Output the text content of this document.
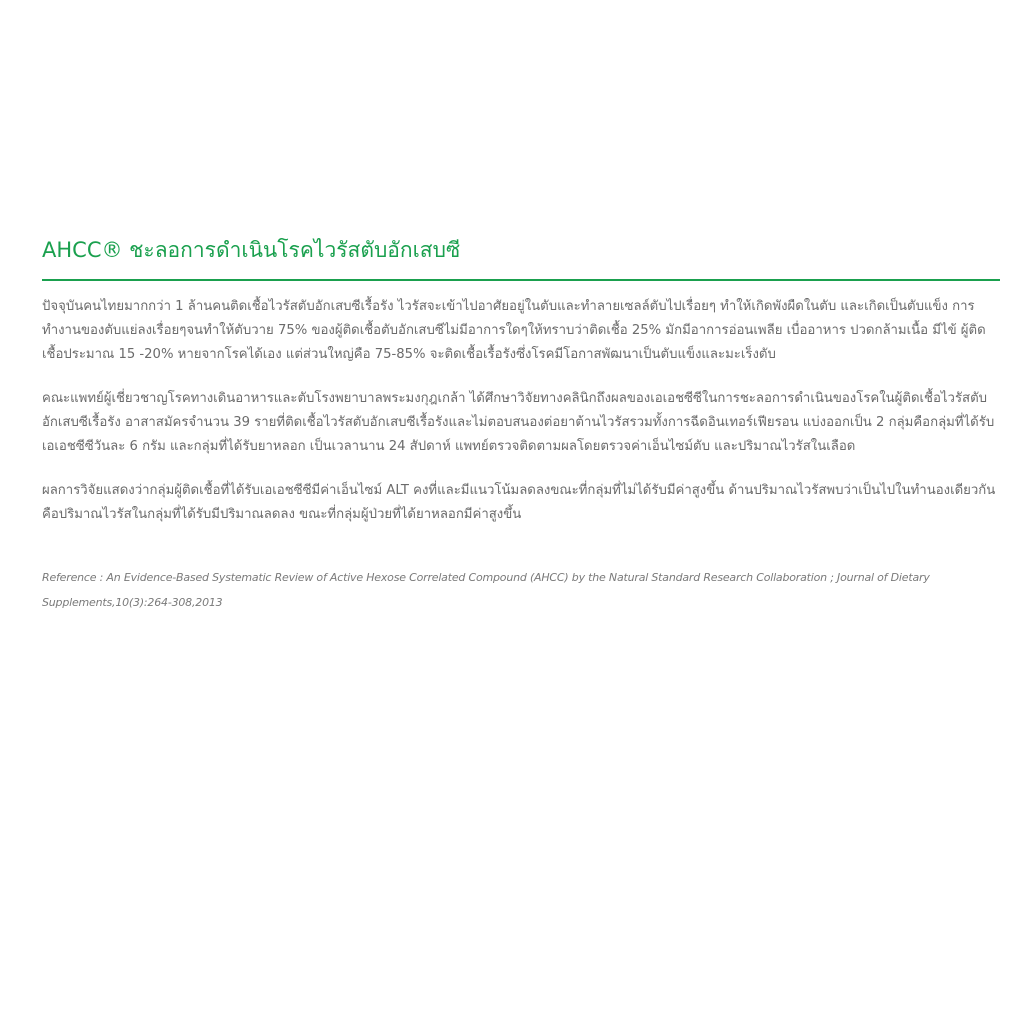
AHCC® ชะลอการดำเนินโรคไวรัสตับอักเสบซี

ปัจจุบันคนไทยมากกว่า 1 ล้านคนติดเชื้อไวรัสตับอักเสบซีเรื้อรัง ไวรัสจะเข้าไปอาศัยอยู่ในตับและทำลายเซลล์ตับไปเรื่อยๆ ทำให้เกิดพังผืดในตับ และเกิดเป็นตับแข็ง การทำงานของตับแย่ลงเรื่อยๆจนทำให้ตับวาย 75% ของผู้ติดเชื้อตับอักเสบซีไม่มีอาการใดๆให้ทราบว่าติดเชื้อ 25% มักมีอาการอ่อนเพลีย เบื่ออาหาร ปวดกล้ามเนื้อ มีไข้ ผู้ติดเชื้อประมาณ 15 -20% หายจากโรคได้เอง แต่ส่วนใหญ่คือ 75-85% จะติดเชื้อเรื้อรังซึ่งโรคมีโอกาสพัฒนาเป็นตับแข็งและมะเร็งตับ

คณะแพทย์ผู้เชี่ยวชาญโรคทางเดินอาหารและตับโรงพยาบาลพระมงกุฎเกล้า ได้ศึกษาวิจัยทางคลินิกถึงผลของเอเอชซีซีในการชะลอการดำเนินของโรคในผู้ติดเชื้อไวรัสตับอักเสบซีเรื้อรัง อาสาสมัครจำนวน 39 รายที่ติดเชื้อไวรัสตับอักเสบซีเรื้อรังและไม่ตอบสนองต่อยาต้านไวรัสรวมทั้งการฉีดอินเทอร์เฟียรอน แบ่งออกเป็น 2 กลุ่มคือกลุ่มที่ได้รับเอเอชซีซีวันละ 6 กรัม และกลุ่มที่ได้รับยาหลอก เป็นเวลานาน 24 สัปดาห์ แพทย์ตรวจติดตามผลโดยตรวจค่าเอ็นไซม์ตับ และปริมาณไวรัสในเลือด

ผลการวิจัยแสดงว่ากลุ่มผู้ติดเชื้อที่ได้รับเอเอชซีซีมีค่าเอ็นไซม์ ALT คงที่และมีแนวโน้มลดลงขณะที่กลุ่มที่ไม่ได้รับมีค่าสูงขึ้น ด้านปริมาณไวรัสพบว่าเป็นไปในทำนองเดียวกันคือปริมาณไวรัสในกลุ่มที่ได้รับมีปริมาณลดลง ขณะที่กลุ่มผู้ป่วยที่ได้ยาหลอกมีค่าสูงขึ้น

Reference : An Evidence-Based Systematic Review of Active Hexose Correlated Compound (AHCC) by the Natural Standard Research Collaboration ; Journal of Dietary Supplements,10(3):264-308,2013
